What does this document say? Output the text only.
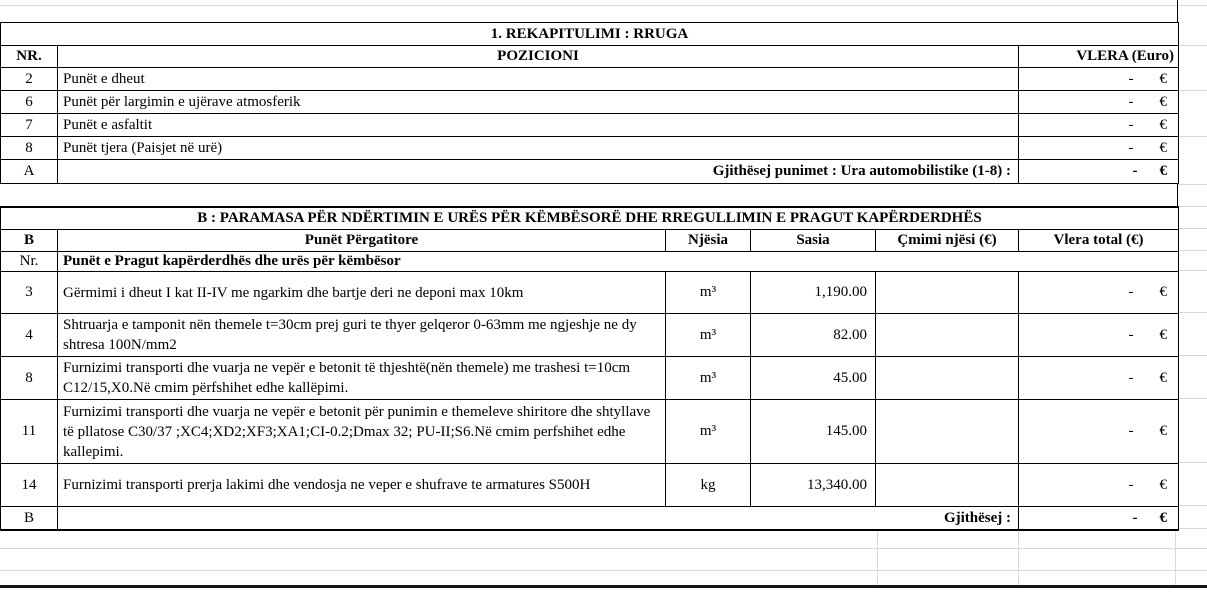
1. REKAPITULIMI : RRUGA		
NR.	POZICIONI	VLERA (Euro)
2	Punët e dheut	- €

6	Punët për largimin e ujërave atmosferik	- €

7	Punët e asfaltit	- €

8	Punët tjera (Paisjet në urë)	- €

A	Gjithësej punimet : Ura automobilistike (1-8) :	- €
B : PARAMASA PËR NDËRTIMIN E URËS PËR KËMBËSORË DHE RREGULLIMIN E PRAGUT KAPËRDERDHËS					
B	Punët Përgatitore	Njësia	Sasia	Çmimi njësi (€)	Vlera total (€)
Nr.	Punët e Pragut kapërderdhës dhe urës për këmbësor				
3	Gërmimi i dheut I kat II-IV me ngarkim dhe bartje deri ne deponi max 10km	m³	1,190.00		- €

4	Shtruarja e tamponit nën themele t=30cm prej guri te thyer gelqeror 0-63mm me ngjeshje ne dy shtresa 100N/mm2	m³	82.00		- €

8	Furnizimi transporti dhe vuarja ne vepër e betonit të thjeshtë(nën themele) me trashesi t=10cm C12/15,X0.Në cmim përfshihet edhe kallëpimi.	m³	45.00		- €

11	Furnizimi transporti dhe vuarja ne vepër e betonit për punimin e themeleve shiritore dhe shtyllave të pllatose C30/37 ;XC4;XD2;XF3;XA1;CI-0.2;Dmax 32; PU-II;S6.Në cmim perfshihet edhe kallepimi.	m³	145.00		- €

14	Furnizimi transporti prerja lakimi dhe vendosja ne veper e shufrave te armatures S500H	kg	13,340.00		- €

B	Gjithësej :				- €
